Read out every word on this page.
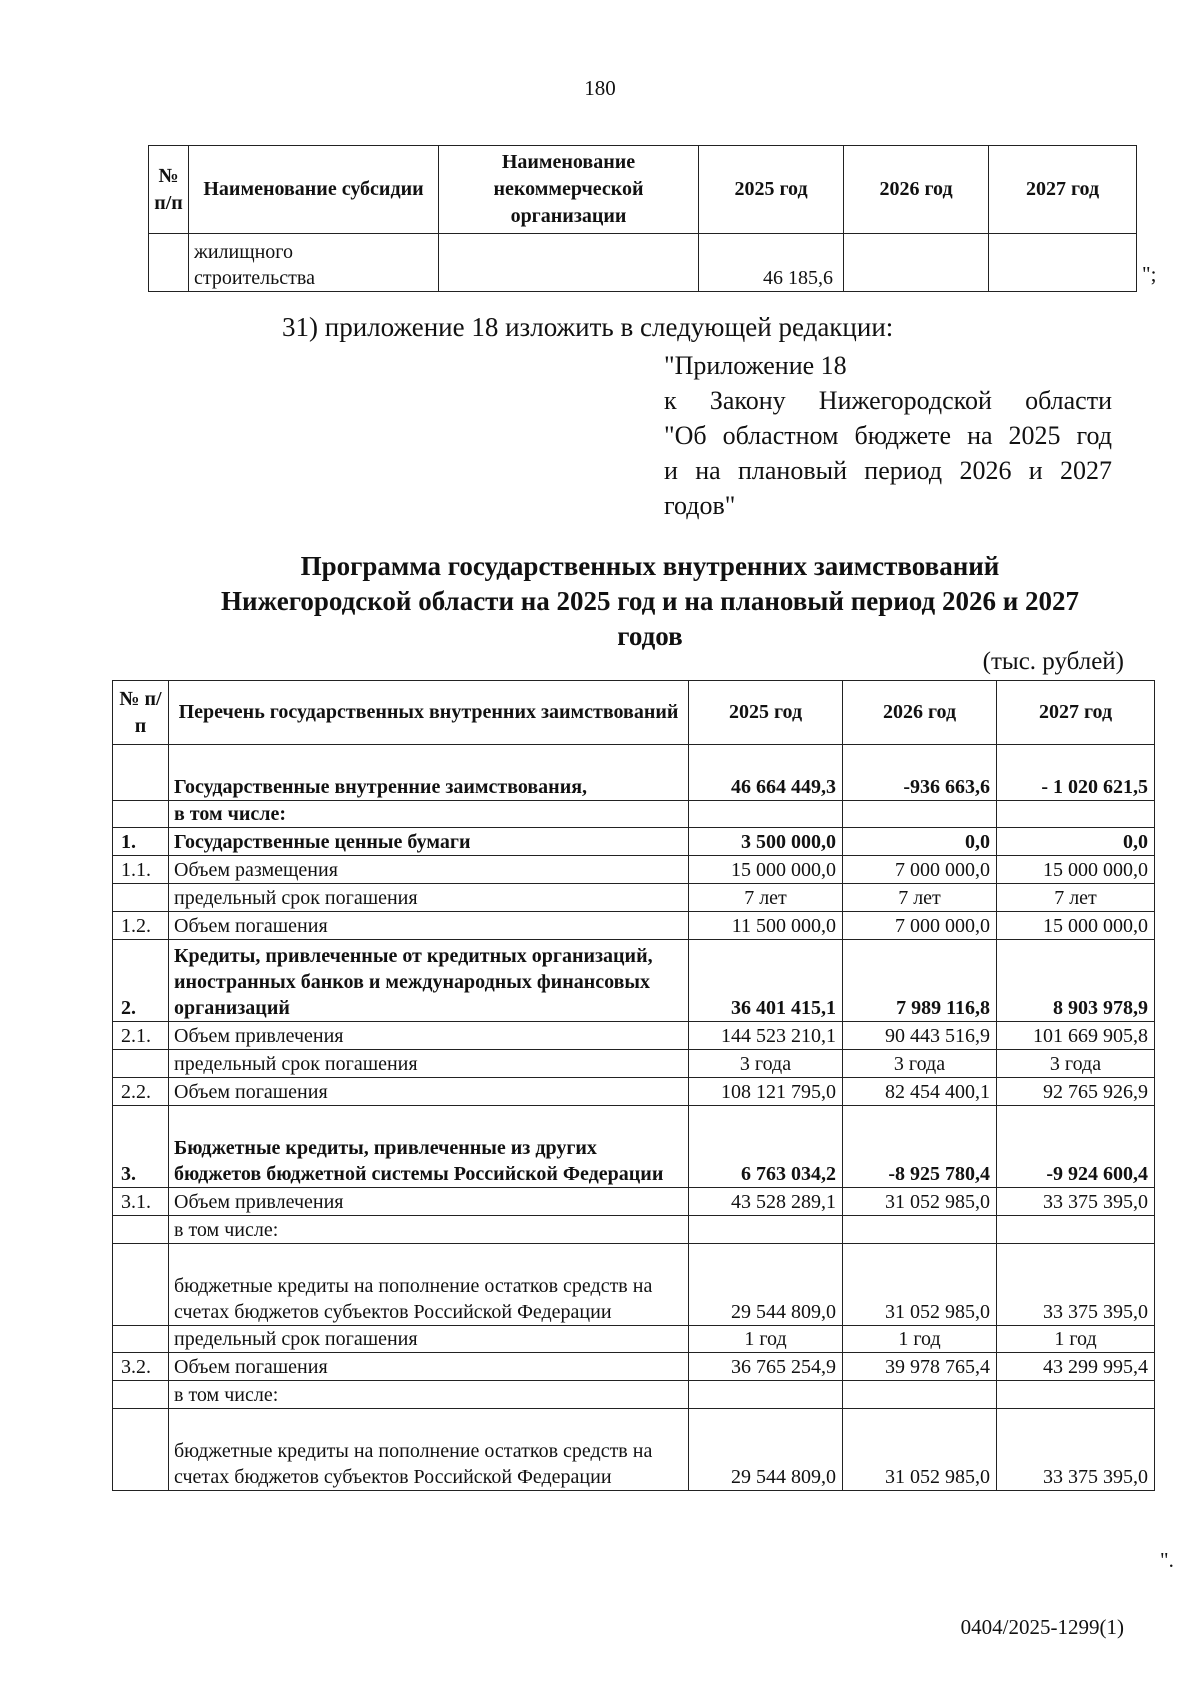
180
№ п/п	Наименование субсидии	Наименование некоммерческой организации	2025 год	2026 год	2027 год

	жилищного
строительства		46 185,6			";
31) приложение 18 изложить в следующей редакции:
"Приложение 18
к Закону Нижегородской области
"Об областном бюджете на 2025 год
и на плановый период 2026 и 2027
годов"
Программа государственных внутренних заимствований
Нижегородской области на 2025 год и на плановый период 2026 и 2027
годов
(тыс. рублей)
№ п/п	Перечень государственных внутренних заимствований	2025 год	2026 год	2027 год
	Государственные внутренние заимствования,	46 664 449,3	-936 663,6	- 1 020 621,5
	в том числе:			
1.	Государственные ценные бумаги	3 500 000,0	0,0	0,0
1.1.	Объем размещения	15 000 000,0	7 000 000,0	15 000 000,0
	предельный срок погашения	7 лет	7 лет	7 лет
1.2.	Объем погашения	11 500 000,0	7 000 000,0	15 000 000,0
2.	Кредиты, привлеченные от кредитных организаций, иностранных банков и международных финансовых организаций	36 401 415,1	7 989 116,8	8 903 978,9
2.1.	Объем привлечения	144 523 210,1	90 443 516,9	101 669 905,8
	предельный срок погашения	3 года	3 года	3 года
2.2.	Объем погашения	108 121 795,0	82 454 400,1	92 765 926,9
3.	Бюджетные кредиты, привлеченные из других бюджетов бюджетной системы Российской Федерации	6 763 034,2	-8 925 780,4	-9 924 600,4
3.1.	Объем привлечения	43 528 289,1	31 052 985,0	33 375 395,0
	в том числе:			
	бюджетные кредиты на пополнение остатков средств на счетах бюджетов субъектов Российской Федерации	29 544 809,0	31 052 985,0	33 375 395,0
	предельный срок погашения	1 год	1 год	1 год
3.2.	Объем погашения	36 765 254,9	39 978 765,4	43 299 995,4
	в том числе:			
	бюджетные кредиты на пополнение остатков средств на счетах бюджетов субъектов Российской Федерации	29 544 809,0	31 052 985,0	33 375 395,0
".
0404/2025-1299(1)
